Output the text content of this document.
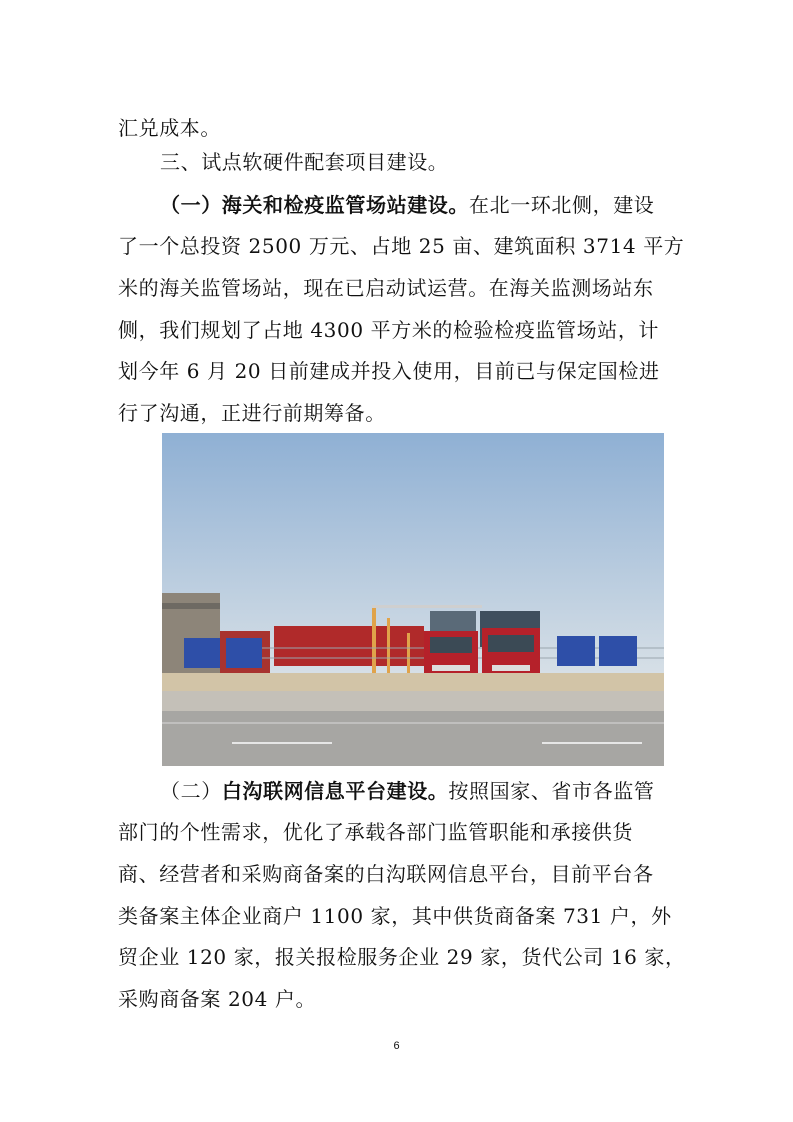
汇兑成本。
三、试点软硬件配套项目建设。
（一）海关和检疫监管场站建设。在北一环北侧，建设
了一个总投资 2500 万元、占地 25 亩、建筑面积 3714 平方
米的海关监管场站，现在已启动试运营。在海关监测场站东
侧，我们规划了占地 4300 平方米的检验检疫监管场站，计
划今年 6 月 20 日前建成并投入使用，目前已与保定国检进
行了沟通，正进行前期筹备。
（二）白沟联网信息平台建设。按照国家、省市各监管
部门的个性需求，优化了承载各部门监管职能和承接供货
商、经营者和采购商备案的白沟联网信息平台，目前平台各
类备案主体企业商户 1100 家，其中供货商备案 731 户，外
贸企业 120 家，报关报检服务企业 29 家，货代公司 16 家，
采购商备案 204 户。
6
